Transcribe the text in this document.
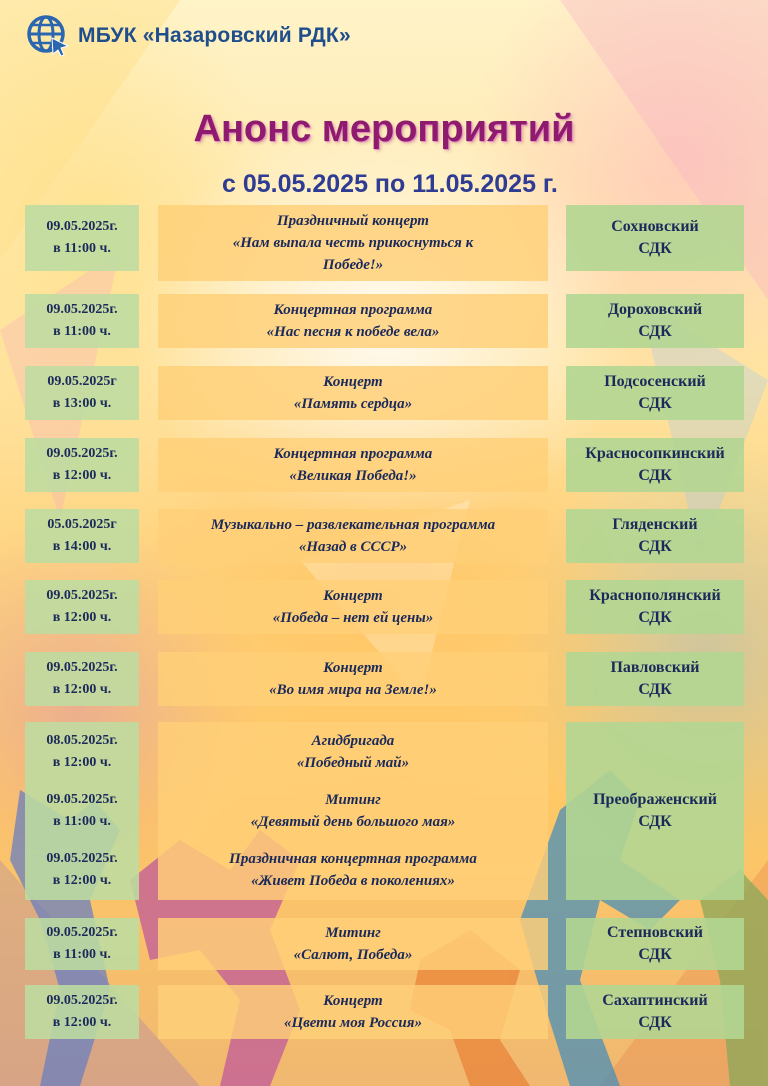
МБУК «Назаровский РДК»
Анонс мероприятий
с 05.05.2025 по 11.05.2025 г.
09.05.2025г.
в 11:00 ч.
Праздничный концерт
«Нам выпала честь прикоснуться к
Победе!»
Сохновский
СДК
09.05.2025г.
в 11:00 ч.
Концертная программа
«Нас песня к победе вела»
Дороховский
СДК
09.05.2025г
в 13:00 ч.
Концерт
«Память сердца»
Подсосенский
СДК
09.05.2025г.
в 12:00 ч.
Концертная программа
«Великая Победа!»
Красносопкинский
СДК
05.05.2025г
в 14:00 ч.
Музыкально – развлекательная программа
«Назад в СССР»
Гляденский
СДК
09.05.2025г.
в 12:00 ч.
Концерт
«Победа – нет ей цены»
Краснополянский
СДК
09.05.2025г.
в 12:00 ч.
Концерт
«Во имя мира на Земле!»
Павловский
СДК
08.05.2025г.
в 12:00 ч.
09.05.2025г.
в 11:00 ч.
09.05.2025г.
в 12:00 ч.
Агидбригада
«Победный май»
Митинг
«Девятый день большого мая»
Праздничная концертная программа
«Живет Победа в поколениях»
Преображенский
СДК
09.05.2025г.
в 11:00 ч.
Митинг
«Салют, Победа»
Степновский
СДК
09.05.2025г.
в 12:00 ч.
Концерт
«Цвети моя Россия»
Сахаптинский
СДК
